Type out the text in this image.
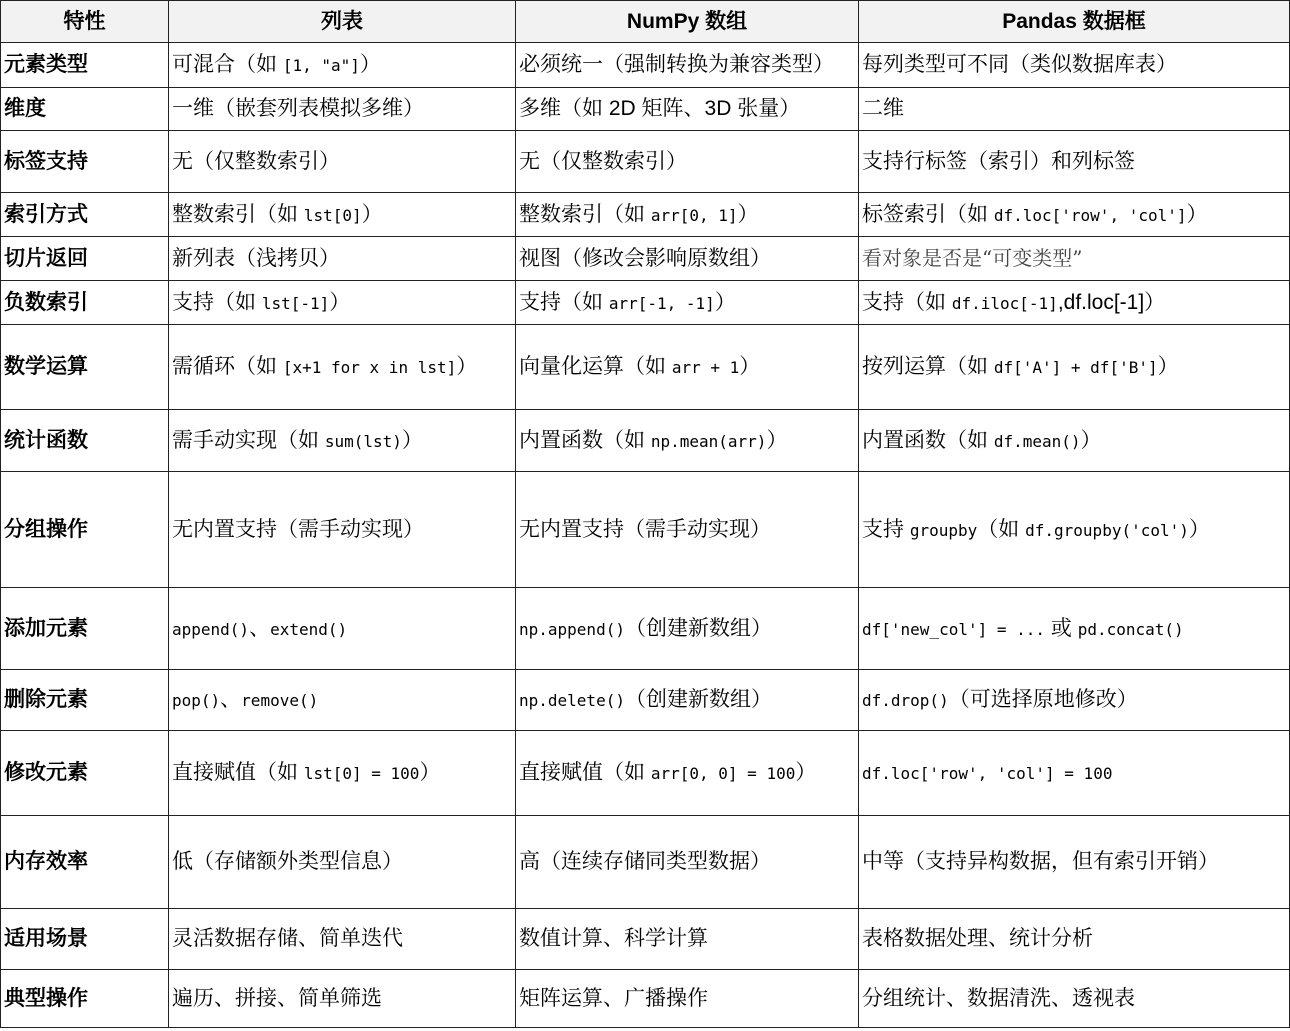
特性	列表	NumPy 数组	Pandas 数据框
元素类型	可混合（如 [1, "a"]）	必须统一（强制转换为兼容类型）	每列类型可不同（类似数据库表）
维度	一维（嵌套列表模拟多维）	多维（如 2D 矩阵、3D 张量）	二维
标签支持	无（仅整数索引）	无（仅整数索引）	支持行标签（索引）和列标签
索引方式	整数索引（如 lst[0]）	整数索引（如 arr[0, 1]）	标签索引（如 df.loc['row', 'col']）
切片返回	新列表（浅拷贝）	视图（修改会影响原数组）	看对象是否是“可变类型”
负数索引	支持（如 lst[-1]）	支持（如 arr[-1, -1]）	支持（如 df.iloc[-1],df.loc[-1]）
数学运算	需循环（如 [x+1 for x in lst]）	向量化运算（如 arr + 1）	按列运算（如 df['A'] + df['B']）
统计函数	需手动实现（如 sum(lst)）	内置函数（如 np.mean(arr)）	内置函数（如 df.mean()）
分组操作	无内置支持（需手动实现）	无内置支持（需手动实现）	支持 groupby（如 df.groupby('col')）
添加元素	append()、extend()	np.append()（创建新数组）	df['new_col'] = ... 或 pd.concat()
删除元素	pop()、remove()	np.delete()（创建新数组）	df.drop()（可选择原地修改）
修改元素	直接赋值（如 lst[0] = 100）	直接赋值（如 arr[0, 0] = 100）	df.loc['row', 'col'] = 100
内存效率	低（存储额外类型信息）	高（连续存储同类型数据）	中等（支持异构数据，但有索引开销）
适用场景	灵活数据存储、简单迭代	数值计算、科学计算	表格数据处理、统计分析
典型操作	遍历、拼接、简单筛选	矩阵运算、广播操作	分组统计、数据清洗、透视表
